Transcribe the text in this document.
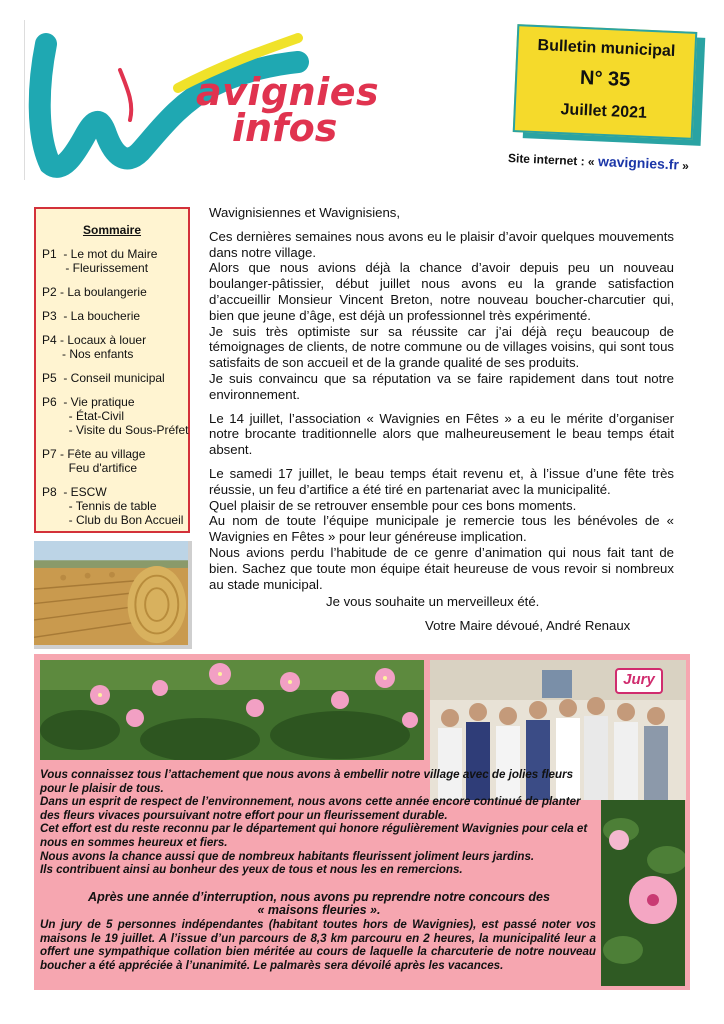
avignies
infos
Bulletin municipal
N° 35
Juillet 2021
Site internet : « wavignies.fr »
Sommaire
P1  - Le mot du Maire
- Fleurissement
P2 - La boulangerie
P3  - La boucherie
P4 - Locaux à louer
- Nos enfants
P5  - Conseil municipal
P6  - Vie pratique
- État-Civil
- Visite du Sous-Préfet
P7 - Fête au village
Feu d'artifice
P8  - ESCW
- Tennis de table
- Club du Bon Accueil

Wavignisiennes et Wavignisiens,

Ces dernières semaines nous avons eu le plaisir d’avoir quelques mouvements dans notre village.

Alors que nous avions déjà la chance d’avoir depuis peu un nouveau boulanger-pâtissier, début juillet nous avons eu la grande satisfaction d’accueillir Monsieur Vincent Breton, notre nouveau boucher-charcutier qui, bien que jeune d’âge, est déjà un professionnel très expérimenté.

Je suis très optimiste sur sa réussite car j’ai déjà reçu beaucoup de témoignages de clients, de notre commune ou de villages voisins, qui sont tous satisfaits de son accueil et de la grande qualité de ses produits.

Je suis convaincu que sa réputation va se faire rapidement dans tout notre environnement.

Le 14 juillet, l’association « Wavignies en Fêtes » a eu le mérite d’organiser notre brocante traditionnelle alors que malheureusement le beau temps était absent.

Le samedi 17 juillet, le beau temps était revenu et, à l’issue d’une fête très réussie, un feu d’artifice a été tiré en partenariat avec la municipalité.

Quel plaisir de se retrouver ensemble pour ces bons moments.

Au nom de toute l’équipe municipale je remercie tous les bénévoles de « Wavignies en Fêtes » pour leur généreuse implication.

Nous avions perdu l’habitude de ce genre d’animation qui nous fait tant de bien. Sachez que toute mon équipe était heureuse de vous revoir si nombreux au stade municipal.

Je vous souhaite un merveilleux été.
Votre Maire dévoué, André Renaux
Jury

Vous connaissez tous l’attachement que nous avons à embellir notre village avec de jolies fleurs pour le plaisir de tous.

Dans un esprit de respect de l’environnement, nous avons cette année encore continué de planter des fleurs vivaces poursuivant notre effort pour un fleurissement durable.

Cet effort est du reste reconnu par le département qui honore régulièrement Wavignies pour cela et nous en sommes heureux et fiers.

Nous avons la chance aussi que de nombreux habitants fleurissent joliment leurs jardins.

Ils contribuent ainsi au bonheur des yeux de tous et nous les en remercions.

Après une année d’interruption, nous avons pu reprendre notre concours des

« maisons fleuries ».

Un jury de 5 personnes indépendantes (habitant toutes hors de Wavignies), est passé noter vos maisons le 19 juillet. A l’issue d’un parcours de 8,3 km parcouru en 2 heures, la municipalité leur a offert une sympathique collation bien méritée au cours de laquelle la charcuterie de notre nouveau boucher a été appréciée à l’unanimité. Le palmarès sera dévoilé après les vacances.
